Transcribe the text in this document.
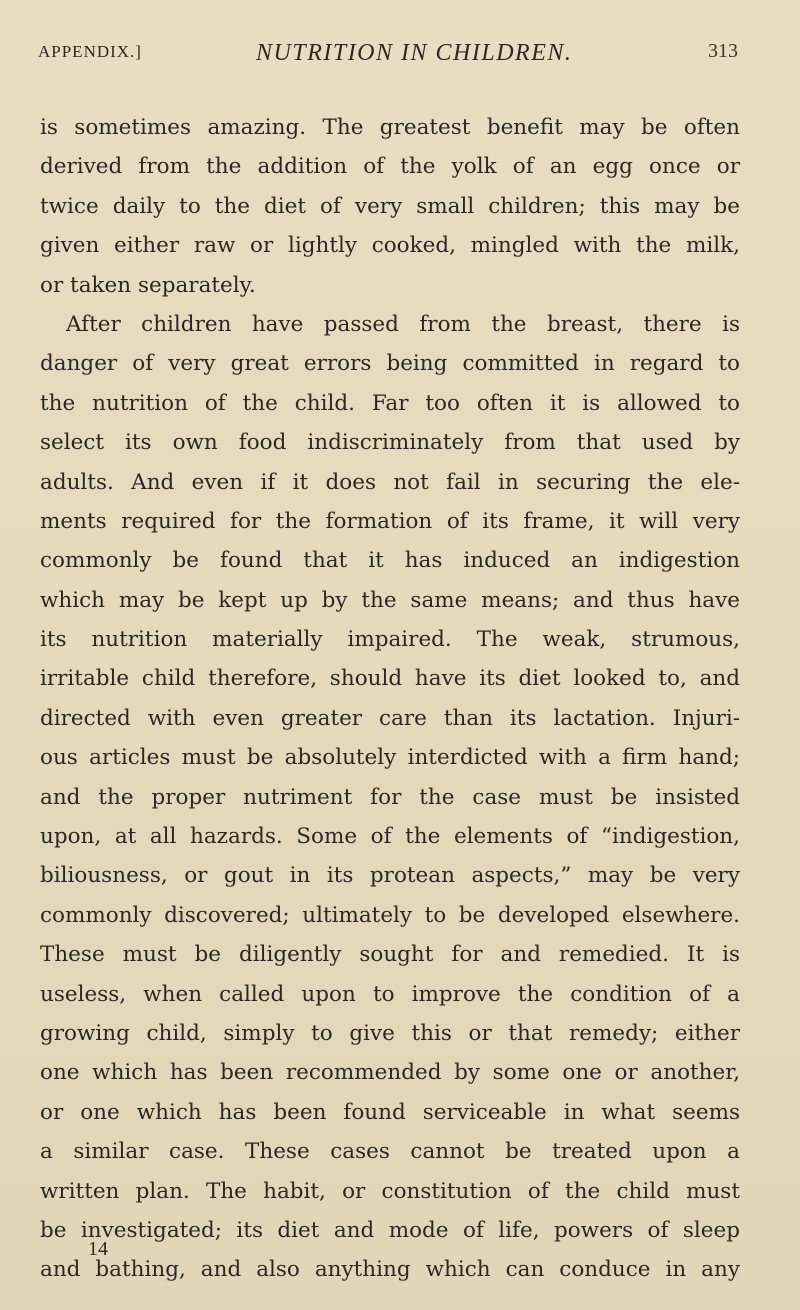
APPENDIX.]	NUTRITION IN CHILDREN.	313
is sometimes amazing. The greatest benefit may be often
derived from the addition of the yolk of an egg once or
twice daily to the diet of very small children; this may be
given either raw or lightly cooked, mingled with the milk,
or taken separately.
After children have passed from the breast, there is
danger of very great errors being committed in regard to
the nutrition of the child. Far too often it is allowed to
select its own food indiscriminately from that used by
adults. And even if it does not fail in securing the ele-
ments required for the formation of its frame, it will very
commonly be found that it has induced an indigestion
which may be kept up by the same means; and thus have
its nutrition materially impaired. The weak, strumous,
irritable child therefore, should have its diet looked to, and
directed with even greater care than its lactation. Injuri-
ous articles must be absolutely interdicted with a firm hand;
and the proper nutriment for the case must be insisted
upon, at all hazards. Some of the elements of “indigestion,
biliousness, or gout in its protean aspects,” may be very
commonly discovered; ultimately to be developed elsewhere.
These must be diligently sought for and remedied. It is
useless, when called upon to improve the condition of a
growing child, simply to give this or that remedy; either
one which has been recommended by some one or another,
or one which has been found serviceable in what seems
a similar case. These cases cannot be treated upon a
written plan. The habit, or constitution of the child must
be investigated; its diet and mode of life, powers of sleep
and bathing, and also anything which can conduce in any
14
